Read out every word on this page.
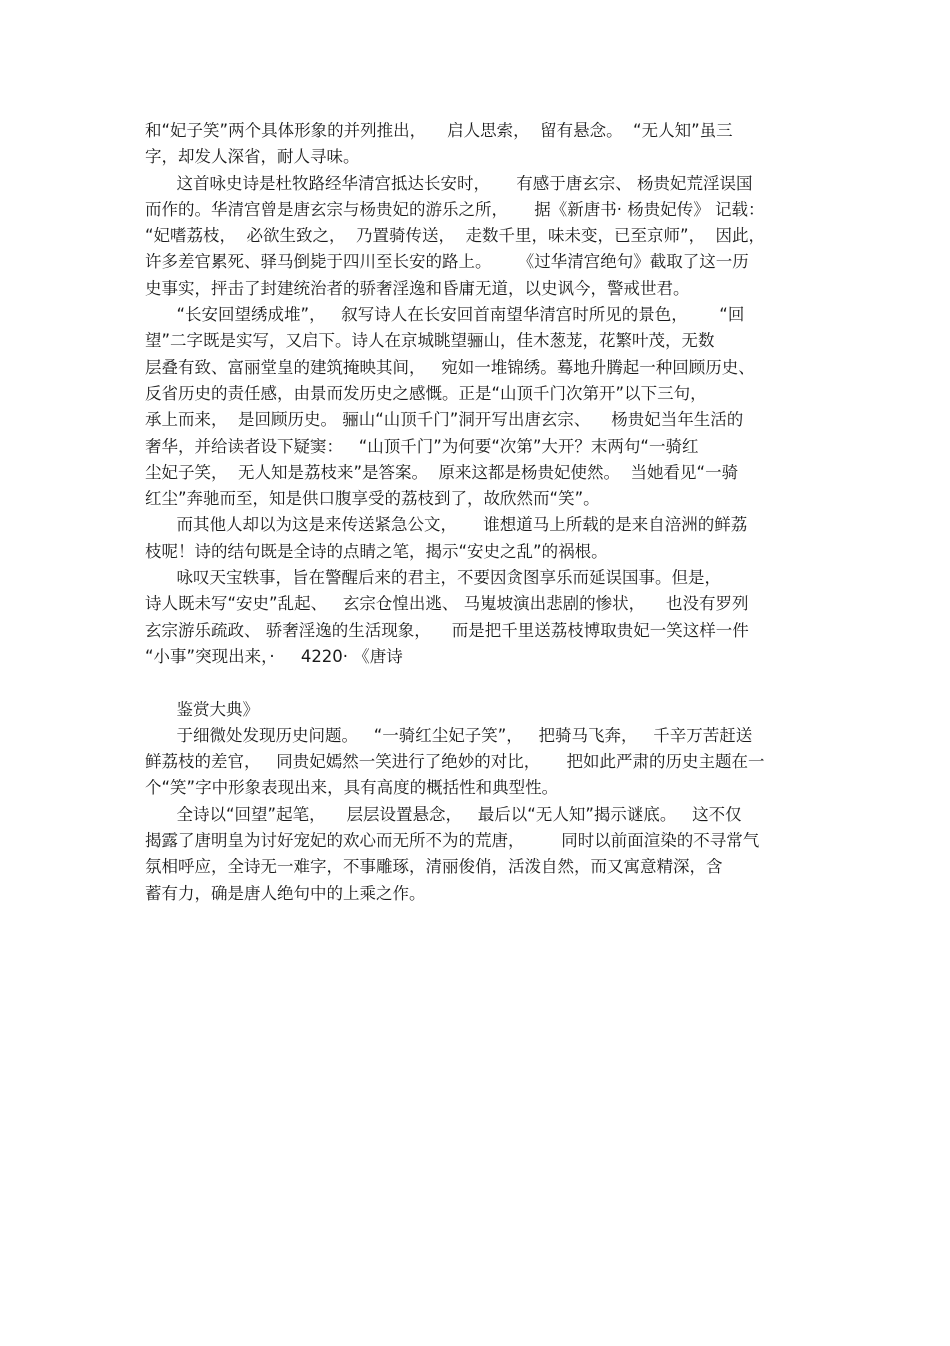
和“妃子笑”两个具体形象的并列推出，    启人思索，  留有悬念。  “无人知”虽三
字，却发人深省，耐人寻味。
这首咏史诗是杜牧路经华清宫抵达长安时，     有感于唐玄宗、 杨贵妃荒淫误国
而作的。华清宫曾是唐玄宗与杨贵妃的游乐之所，     据《新唐书· 杨贵妃传》 记载：
“妃嗜荔枝，  必欲生致之，  乃置骑传送，  走数千里，味未变，已至京师”，  因此，
许多差官累死、驿马倒毙于四川至长安的路上。     《过华清宫绝句》截取了这一历
史事实，抨击了封建统治者的骄奢淫逸和昏庸无道，以史讽今，警戒世君。
“长安回望绣成堆”，   叙写诗人在长安回首南望华清宫时所见的景色，      “回
望”二字既是实写，又启下。诗人在京城眺望骊山，佳木葱茏，花繁叶茂，无数
层叠有致、富丽堂皇的建筑掩映其间，   宛如一堆锦绣。蓦地升腾起一种回顾历史、
反省历史的责任感，由景而发历史之感慨。正是“山顶千门次第开”以下三句，
承上而来，  是回顾历史。 骊山“山顶千门”洞开写出唐玄宗、    杨贵妃当年生活的
奢华，并给读者设下疑窦：   “山顶千门”为何要“次第”大开？末两句“一骑红
尘妃子笑，  无人知是荔枝来”是答案。  原来这都是杨贵妃使然。  当她看见“一骑
红尘”奔驰而至，知是供口腹享受的荔枝到了，故欣然而“笑”。
而其他人却以为这是来传送紧急公文，     谁想道马上所载的是来自涪洲的鲜荔
枝呢！诗的结句既是全诗的点睛之笔，揭示“安史之乱”的祸根。
咏叹天宝轶事，旨在警醒后来的君主，不要因贪图享乐而延误国事。但是，
诗人既未写“安史”乱起、   玄宗仓惶出逃、 马嵬坡演出悲剧的惨状，    也没有罗列
玄宗游乐疏政、 骄奢淫逸的生活现象，    而是把千里送荔枝博取贵妃一笑这样一件
“小事”突现出来，·     4220· 《唐诗
鉴赏大典》
于细微处发现历史问题。   “一骑红尘妃子笑”，   把骑马飞奔，   千辛万苦赶送
鲜荔枝的差官，   同贵妃嫣然一笑进行了绝妙的对比，     把如此严肃的历史主题在一
个“笑”字中形象表现出来，具有高度的概括性和典型性。
全诗以“回望”起笔，    层层设置悬念，   最后以“无人知”揭示谜底。   这不仅
揭露了唐明皇为讨好宠妃的欢心而无所不为的荒唐，       同时以前面渲染的不寻常气
氛相呼应，全诗无一难字，不事雕琢，清丽俊俏，活泼自然，而又寓意精深，含
蓄有力，确是唐人绝句中的上乘之作。
